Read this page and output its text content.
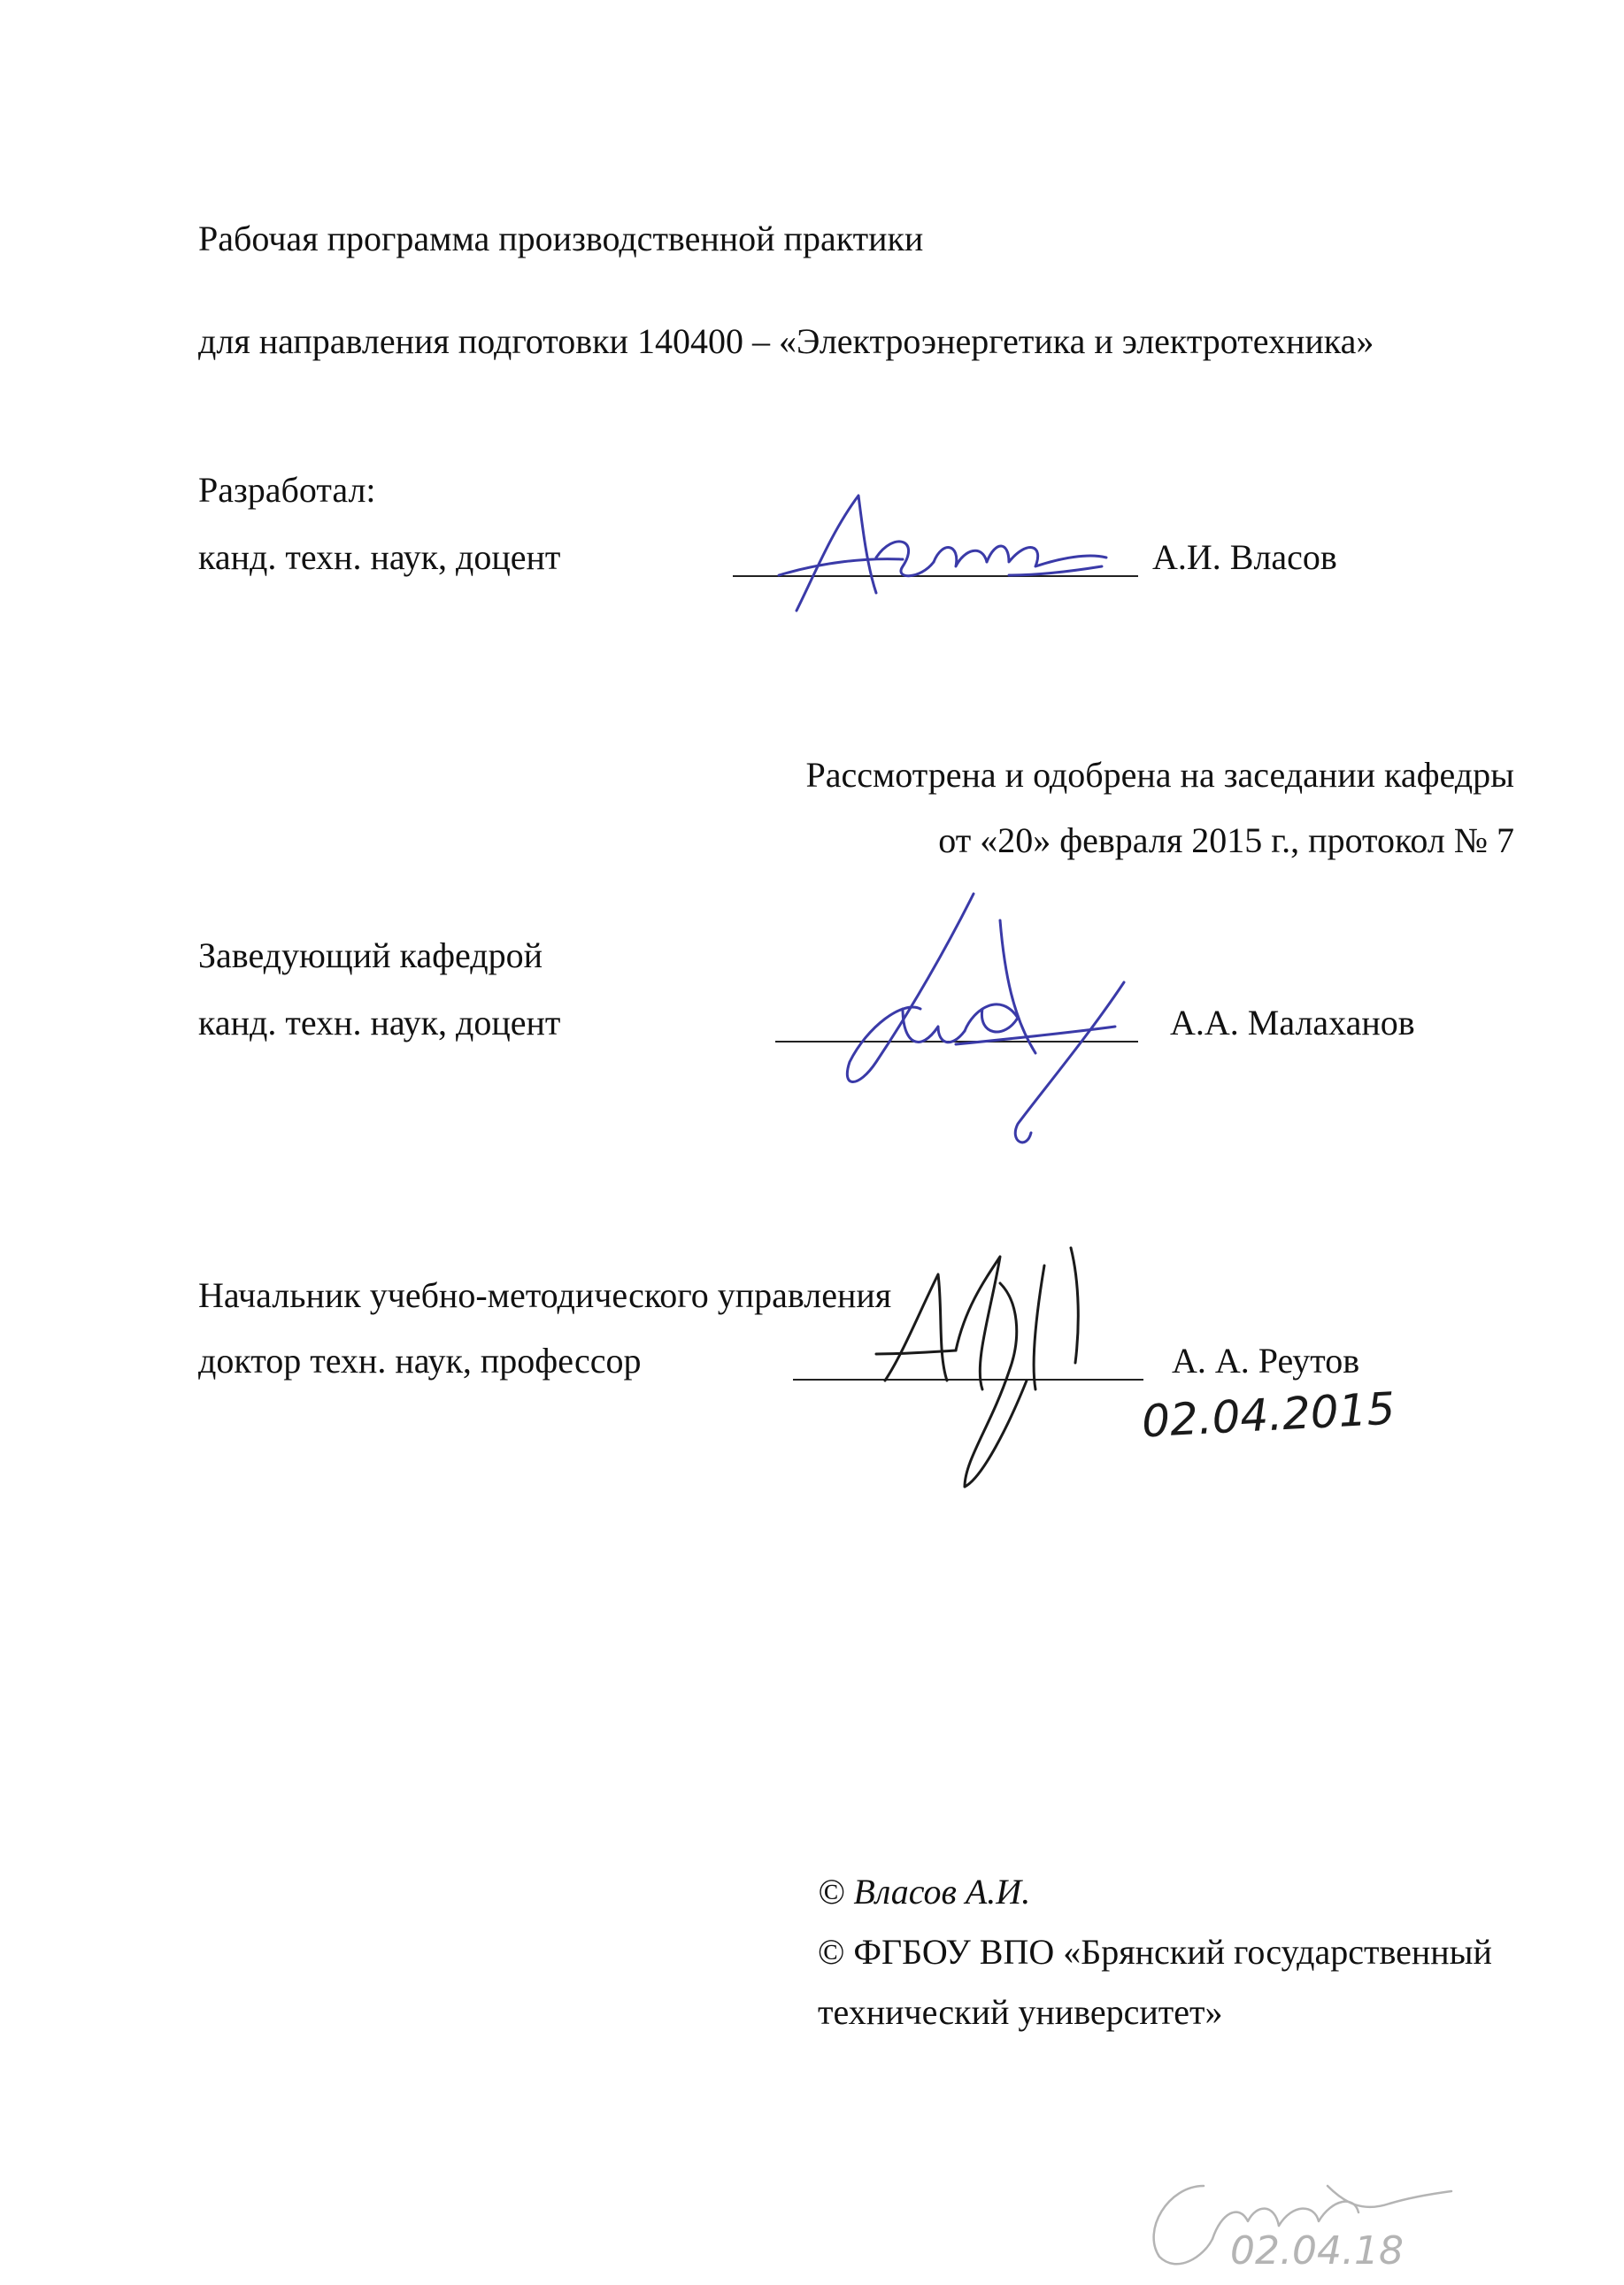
Рабочая программа производственной практики
для направления подготовки 140400 – «Электроэнергетика и электротехника»
Разработал:
канд. техн. наук, доцент	А.И. Власов
Рассмотрена и одобрена на заседании кафедры
от «20» февраля 2015 г., протокол № 7
Заведующий кафедрой
канд. техн. наук, доцент	А.А. Малаханов
Начальник учебно-методического управления
доктор техн. наук, профессор	А. А. Реутов
02.04.2015
© Власов А.И.
© ФГБОУ ВПО «Брянский государственный
технический университет»
02.04.18
